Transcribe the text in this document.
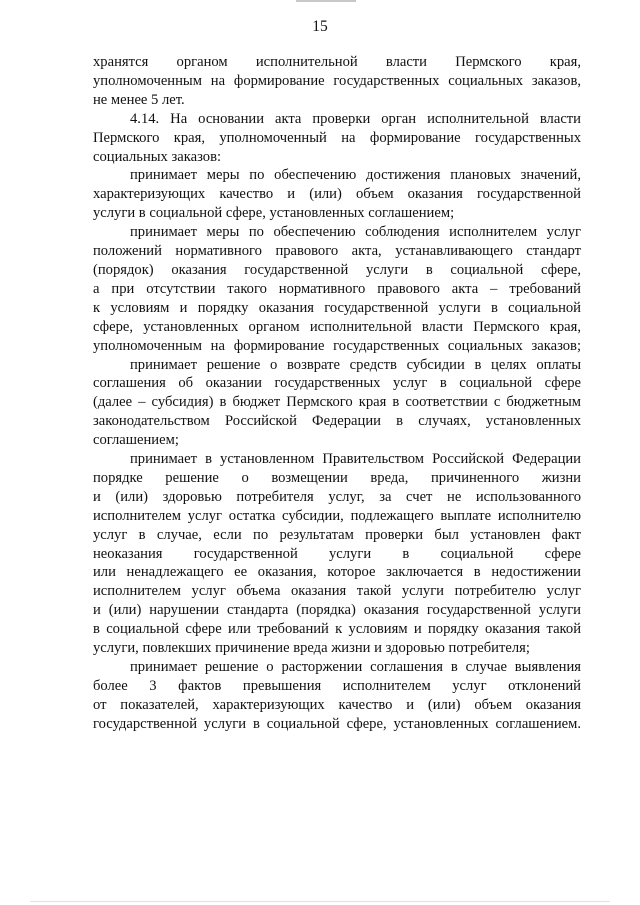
15
хранятся органом исполнительной власти Пермского края,
уполномоченным на формирование государственных социальных заказов,
не менее 5 лет.
4.14. На основании акта проверки орган исполнительной власти
Пермского края, уполномоченный на формирование государственных
социальных заказов:
принимает меры по обеспечению достижения плановых значений,
характеризующих качество и (или) объем оказания государственной
услуги в социальной сфере, установленных соглашением;
принимает меры по обеспечению соблюдения исполнителем услуг
положений нормативного правового акта, устанавливающего стандарт
(порядок) оказания государственной услуги в социальной сфере,
а при отсутствии такого нормативного правового акта – требований
к условиям и порядку оказания государственной услуги в социальной
сфере, установленных органом исполнительной власти Пермского края,
уполномоченным на формирование государственных социальных заказов;
принимает решение о возврате средств субсидии в целях оплаты
соглашения об оказании государственных услуг в социальной сфере
(далее – субсидия) в бюджет Пермского края в соответствии с бюджетным
законодательством Российской Федерации в случаях, установленных
соглашением;
принимает в установленном Правительством Российской Федерации
порядке решение о возмещении вреда, причиненного жизни
и (или) здоровью потребителя услуг, за счет не использованного
исполнителем услуг остатка субсидии, подлежащего выплате исполнителю
услуг в случае, если по результатам проверки был установлен факт
неоказания государственной услуги в социальной сфере
или ненадлежащего ее оказания, которое заключается в недостижении
исполнителем услуг объема оказания такой услуги потребителю услуг
и (или) нарушении стандарта (порядка) оказания государственной услуги
в социальной сфере или требований к условиям и порядку оказания такой
услуги, повлекших причинение вреда жизни и здоровью потребителя;
принимает решение о расторжении соглашения в случае выявления
более 3 фактов превышения исполнителем услуг отклонений
от показателей, характеризующих качество и (или) объем оказания
государственной услуги в социальной сфере, установленных соглашением.
